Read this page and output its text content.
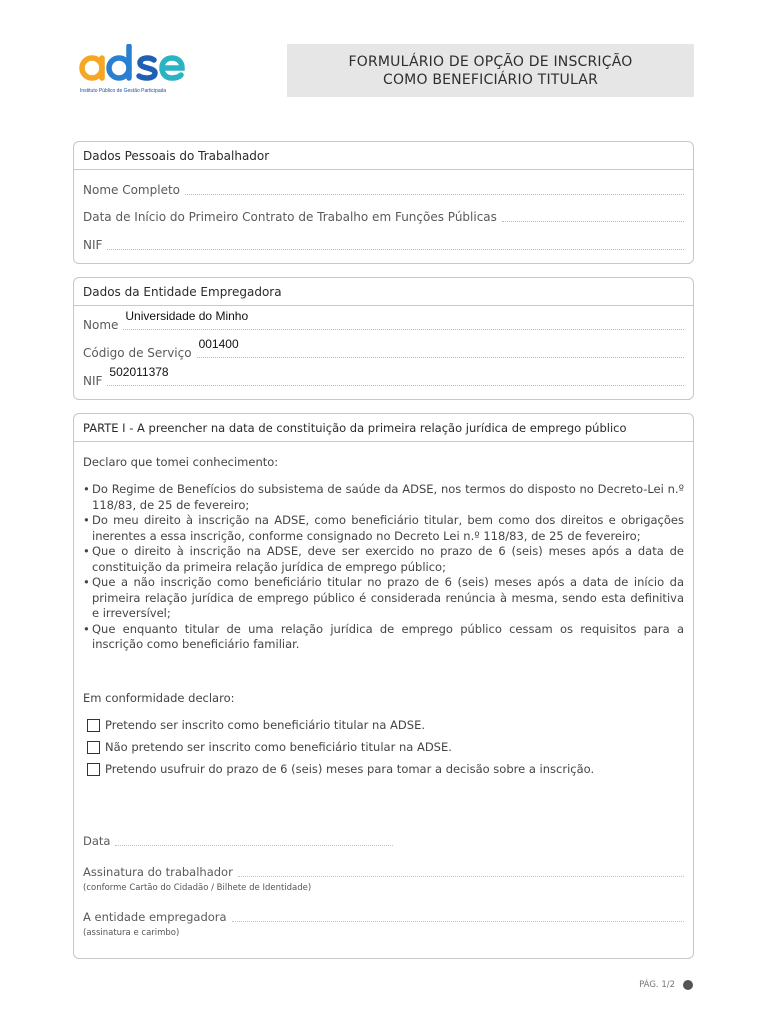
Instituto Público de Gestão Participada
FORMULÁRIO DE OPÇÃO DE INSCRIÇÃO
COMO BENEFICIÁRIO TITULAR
Dados Pessoais do Trabalhador
Nome Completo
Data de Início do Primeiro Contrato de Trabalho em Funções Públicas
NIF
Dados da Entidade Empregadora
Nome
Universidade do Minho
Código de Serviço
001400
NIF
502011378
PARTE I - A preencher na data de constituição da primeira relação jurídica de emprego público
Declaro que tomei conhecimento:
• Do Regime de Benefícios do subsistema de saúde da ADSE, nos termos do disposto no Decreto-Lei n.º 118/83, de 25 de fevereiro;
• Do meu direito à inscrição na ADSE, como beneficiário titular, bem como dos direitos e obrigações inerentes a essa inscrição, conforme consignado no Decreto Lei n.º 118/83, de 25 de fevereiro;
• Que o direito à inscrição na ADSE, deve ser exercido no prazo de 6 (seis) meses após a data de constituição da primeira relação jurídica de emprego público;
• Que a não inscrição como beneficiário titular no prazo de 6 (seis) meses após a data de início da primeira relação jurídica de emprego público é considerada renúncia à mesma, sendo esta definitiva e irreversível;
• Que enquanto titular de uma relação jurídica de emprego público cessam os requisitos para a inscrição como beneficiário familiar.
Em conformidade declaro:
Pretendo ser inscrito como beneficiário titular na ADSE.
Não pretendo ser inscrito como beneficiário titular na ADSE.
Pretendo usufruir do prazo de 6 (seis) meses para tomar a decisão sobre a inscrição.
Data
Assinatura do trabalhador
(conforme Cartão do Cidadão / Bilhete de Identidade)
A entidade empregadora
(assinatura e carimbo)
PÁG. 1/2
